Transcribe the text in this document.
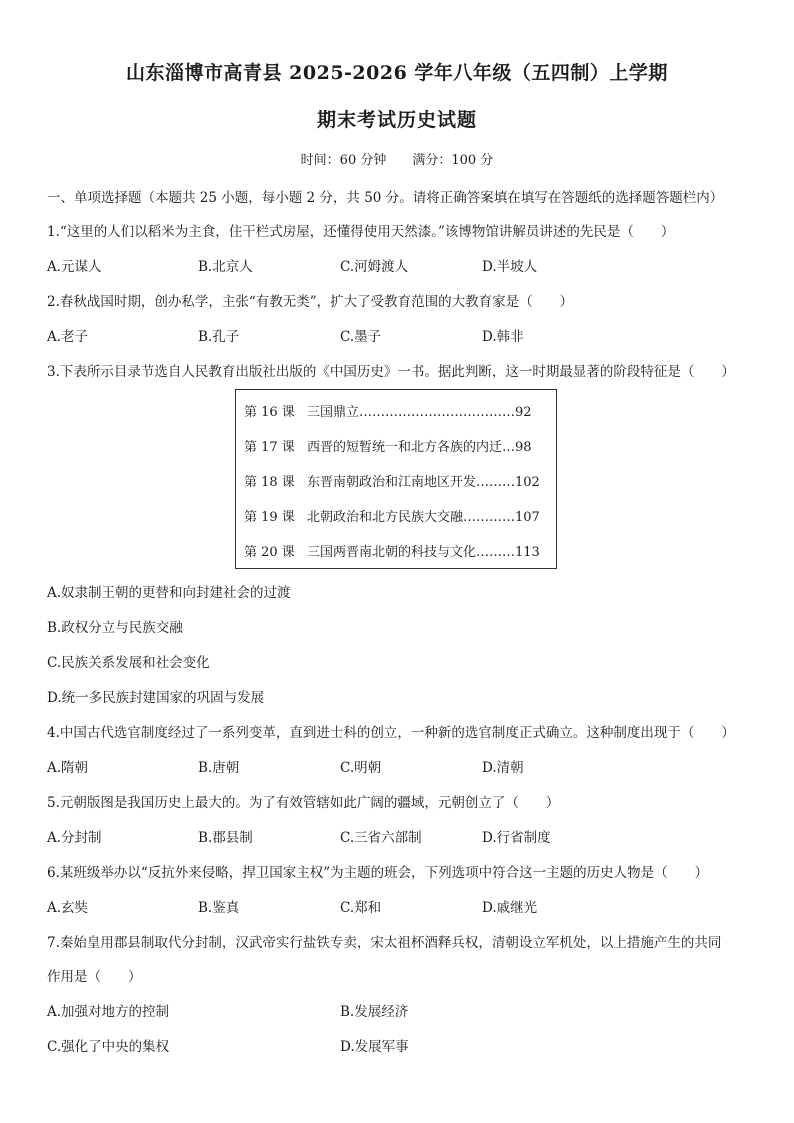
山东淄博市高青县 2025-2026 学年八年级（五四制）上学期
期末考试历史试题
时间：60 分钟 满分：100 分
一、单项选择题（本题共 25 小题，每小题 2 分，共 50 分。请将正确答案填在填写在答题纸的选择题答题栏内）
1.“这里的人们以稻米为主食，住干栏式房屋，还懂得使用天然漆。”该博物馆讲解员讲述的先民是（　　）
A.元谋人	B.北京人	C.河姆渡人	D.半坡人
2.春秋战国时期，创办私学，主张“有教无类”，扩大了受教育范围的大教育家是（　　）
A.老子	B.孔子	C.墨子	D.韩非
3.下表所示目录节选自人民教育出版社出版的《中国历史》一书。据此判断，这一时期最显著的阶段特征是（　　）
第 16 课 三国鼎立………………………………92
第 17 课 西晋的短暂统一和北方各族的内迁…98
第 18 课 东晋南朝政治和江南地区开发………102
第 19 课 北朝政治和北方民族大交融…………107
第 20 课 三国两晋南北朝的科技与文化………113
A.奴隶制王朝的更替和向封建社会的过渡
B.政权分立与民族交融
C.民族关系发展和社会变化
D.统一多民族封建国家的巩固与发展
4.中国古代选官制度经过了一系列变革，直到进士科的创立，一种新的选官制度正式确立。这种制度出现于（　　）
A.隋朝	B.唐朝	C.明朝	D.清朝
5.元朝版图是我国历史上最大的。为了有效管辖如此广阔的疆域，元朝创立了（　　）
A.分封制	B.郡县制	C.三省六部制	D.行省制度
6.某班级举办以“反抗外来侵略，捍卫国家主权”为主题的班会，下列选项中符合这一主题的历史人物是（　　）
A.玄奘	B.鉴真	C.郑和	D.戚继光
7.秦始皇用郡县制取代分封制，汉武帝实行盐铁专卖，宋太祖杯酒释兵权，清朝设立军机处，以上措施产生的共同
作用是（　　）
A.加强对地方的控制	B.发展经济
C.强化了中央的集权	D.发展军事
